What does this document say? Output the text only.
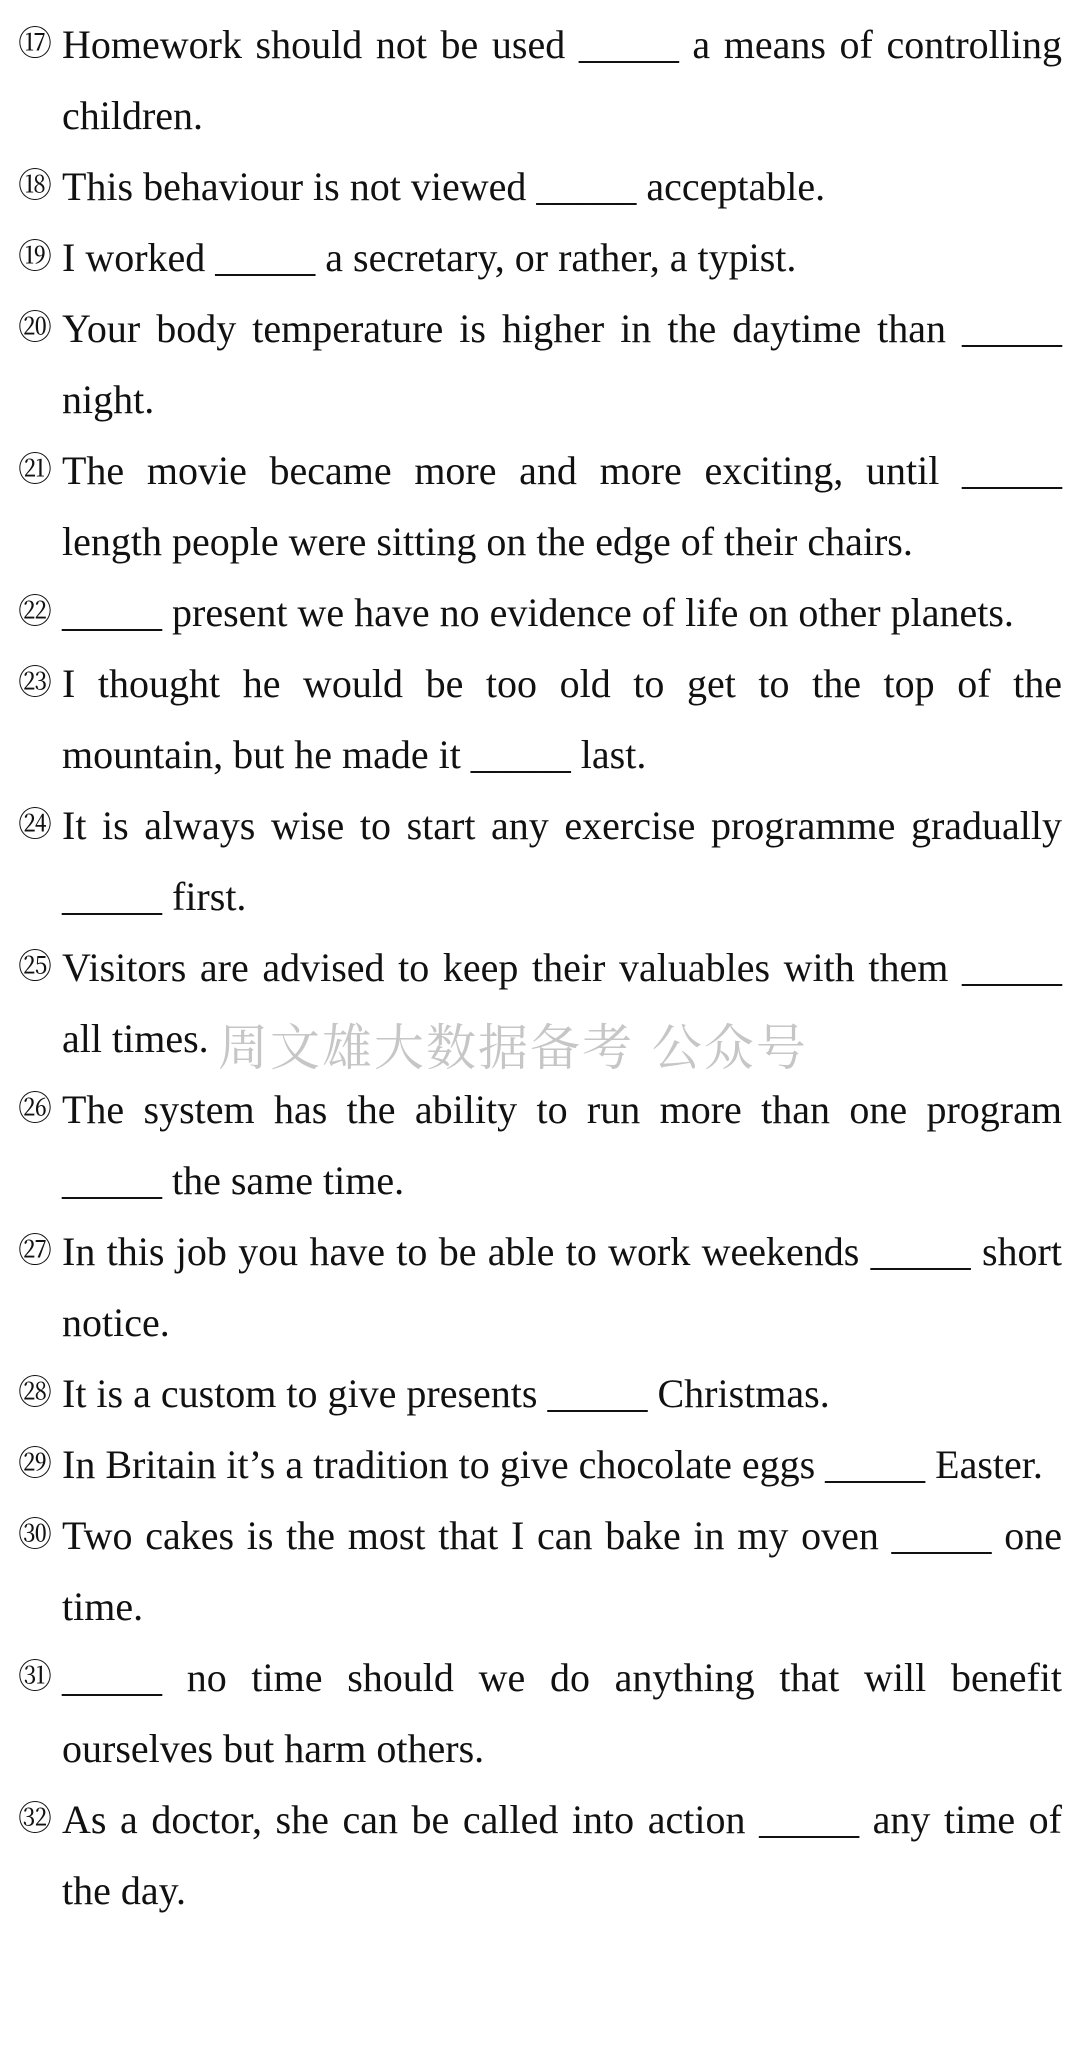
⑰ Homework should not be used _____ a means of controlling children.
⑱ This behaviour is not viewed _____ acceptable.
⑲ I worked _____ a secretary, or rather, a typist.
⑳ Your body temperature is higher in the daytime than _____ night.
㉑ The movie became more and more exciting, until _____ length people were sitting on the edge of their chairs.
㉒ _____ present we have no evidence of life on other planets.
㉓ I thought he would be too old to get to the top of the mountain, but he made it _____ last.
㉔ It is always wise to start any exercise programme gradually _____ first.
㉕ Visitors are advised to keep their valuables with them _____ all times.
㉖ The system has the ability to run more than one program _____ the same time.
㉗ In this job you have to be able to work weekends _____ short notice.
㉘ It is a custom to give presents _____ Christmas.
㉙ In Britain it’s a tradition to give chocolate eggs _____ Easter.
㉚ Two cakes is the most that I can bake in my oven _____ one time.
㉛ _____ no time should we do anything that will benefit ourselves but harm others.
㉜ As a doctor, she can be called into action _____ any time of the day.
周文雄大数据备考 公众号
